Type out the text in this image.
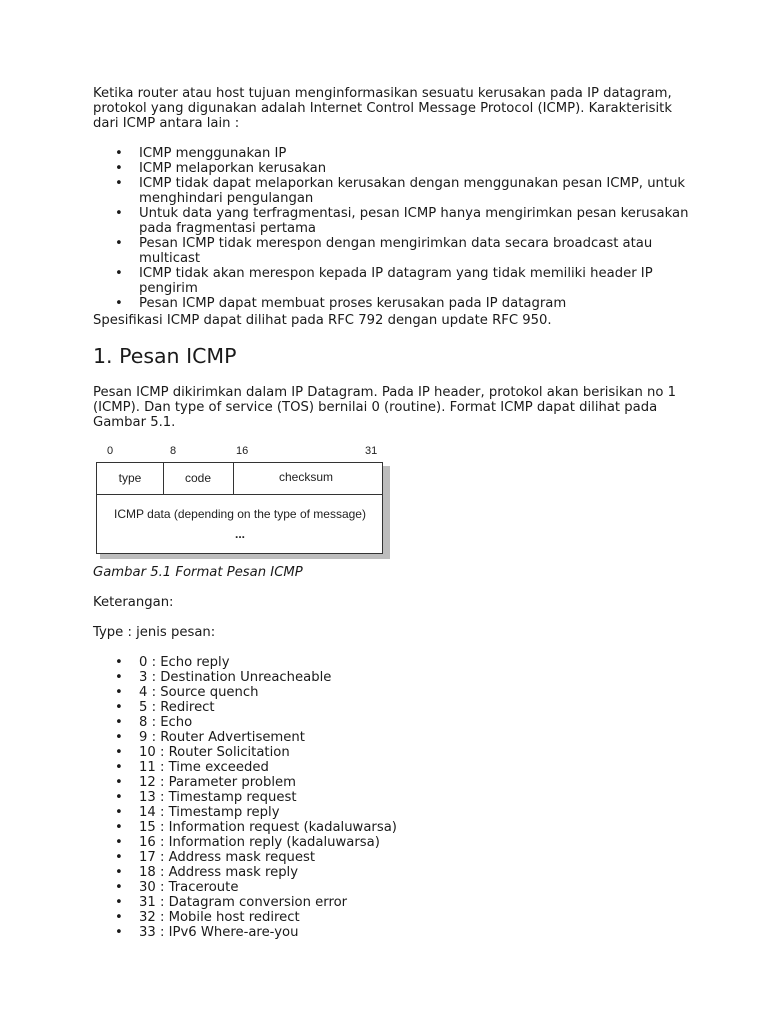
Ketika router atau host tujuan menginformasikan sesuatu kerusakan pada IP datagram, protokol yang digunakan adalah Internet Control Message Protocol (ICMP). Karakterisitk dari ICMP antara lain :

• ICMP menggunakan IP
• ICMP melaporkan kerusakan
• ICMP tidak dapat melaporkan kerusakan dengan menggunakan pesan ICMP, untuk menghindari pengulangan
• Untuk data yang terfragmentasi, pesan ICMP hanya mengirimkan pesan kerusakan pada fragmentasi pertama
• Pesan ICMP tidak merespon dengan mengirimkan data secara broadcast atau multicast
• ICMP tidak akan merespon kepada IP datagram yang tidak memiliki header IP pengirim
• Pesan ICMP dapat membuat proses kerusakan pada IP datagram

Spesifikasi ICMP dapat dilihat pada RFC 792 dengan update RFC 950.

1. Pesan ICMP

Pesan ICMP dikirimkan dalam IP Datagram. Pada IP header, protokol akan berisikan no 1 (ICMP). Dan type of service (TOS) bernilai 0 (routine). Format ICMP dapat dilihat pada Gambar 5.1.

0	8	16	31
type	code	checksum
ICMP data (depending on the type of message)
...

Gambar 5.1 Format Pesan ICMP

Keterangan:

Type : jenis pesan:

• 0 : Echo reply
• 3 : Destination Unreacheable
• 4 : Source quench
• 5 : Redirect
• 8 : Echo
• 9 : Router Advertisement
• 10 : Router Solicitation
• 11 : Time exceeded
• 12 : Parameter problem
• 13 : Timestamp request
• 14 : Timestamp reply
• 15 : Information request (kadaluwarsa)
• 16 : Information reply (kadaluwarsa)
• 17 : Address mask request
• 18 : Address mask reply
• 30 : Traceroute
• 31 : Datagram conversion error
• 32 : Mobile host redirect
• 33 : IPv6 Where-are-you
